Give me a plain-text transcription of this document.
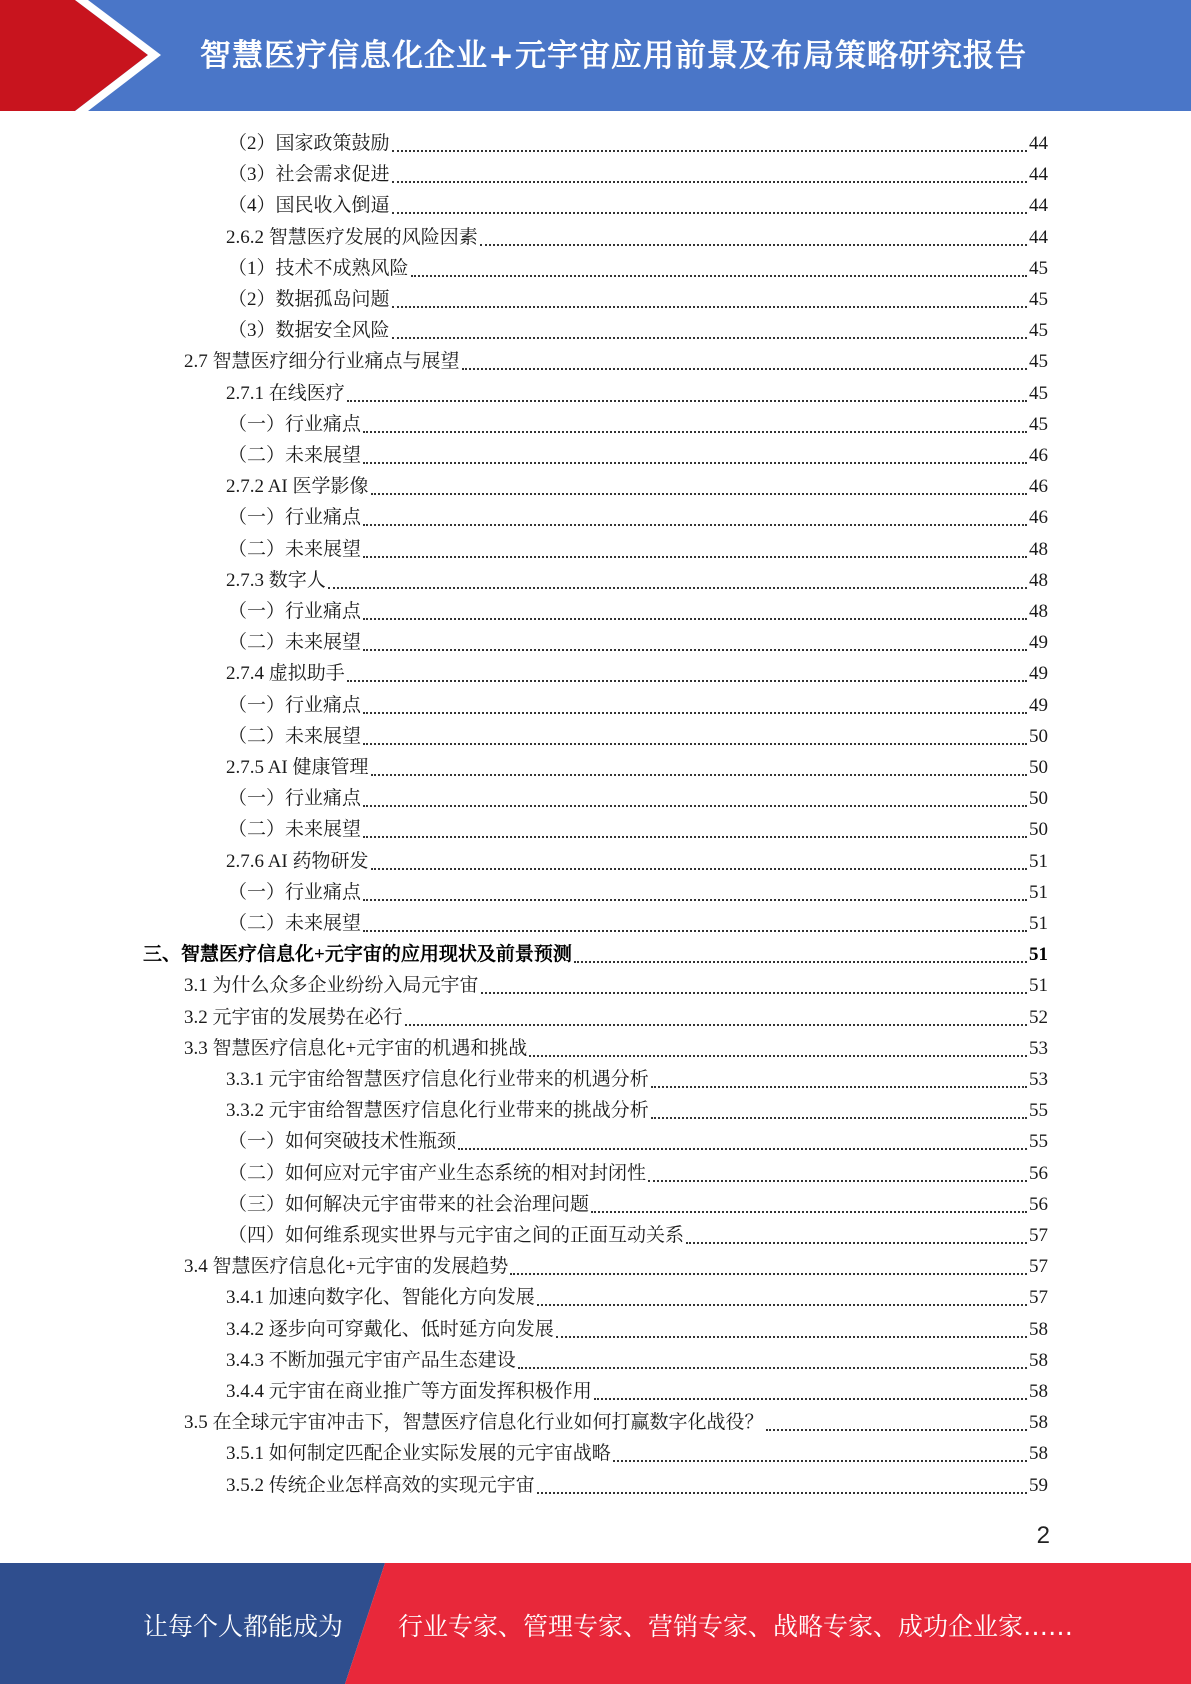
智慧医疗信息化企业+元宇宙应用前景及布局策略研究报告
（2）国家政策鼓励	44
（3）社会需求促进	44
（4）国民收入倒逼	44
2.6.2 智慧医疗发展的风险因素	44
（1）技术不成熟风险	45
（2）数据孤岛问题	45
（3）数据安全风险	45
2.7 智慧医疗细分行业痛点与展望	45
2.7.1 在线医疗	45
（一）行业痛点	45
（二）未来展望	46
2.7.2 AI 医学影像	46
（一）行业痛点	46
（二）未来展望	48
2.7.3 数字人	48
（一）行业痛点	48
（二）未来展望	49
2.7.4 虚拟助手	49
（一）行业痛点	49
（二）未来展望	50
2.7.5 AI 健康管理	50
（一）行业痛点	50
（二）未来展望	50
2.7.6 AI 药物研发	51
（一）行业痛点	51
（二）未来展望	51
三、智慧医疗信息化+元宇宙的应用现状及前景预测	51
3.1 为什么众多企业纷纷入局元宇宙	51
3.2 元宇宙的发展势在必行	52
3.3 智慧医疗信息化+元宇宙的机遇和挑战	53
3.3.1 元宇宙给智慧医疗信息化行业带来的机遇分析	53
3.3.2 元宇宙给智慧医疗信息化行业带来的挑战分析	55
（一）如何突破技术性瓶颈	55
（二）如何应对元宇宙产业生态系统的相对封闭性	56
（三）如何解决元宇宙带来的社会治理问题	56
（四）如何维系现实世界与元宇宙之间的正面互动关系	57
3.4 智慧医疗信息化+元宇宙的发展趋势	57
3.4.1 加速向数字化、智能化方向发展	57
3.4.2 逐步向可穿戴化、低时延方向发展	58
3.4.3 不断加强元宇宙产品生态建设	58
3.4.4 元宇宙在商业推广等方面发挥积极作用	58
3.5 在全球元宇宙冲击下，智慧医疗信息化行业如何打赢数字化战役？	58
3.5.1 如何制定匹配企业实际发展的元宇宙战略	58
3.5.2 传统企业怎样高效的实现元宇宙	59
2
让每个人都能成为 行业专家、管理专家、营销专家、战略专家、成功企业家……
